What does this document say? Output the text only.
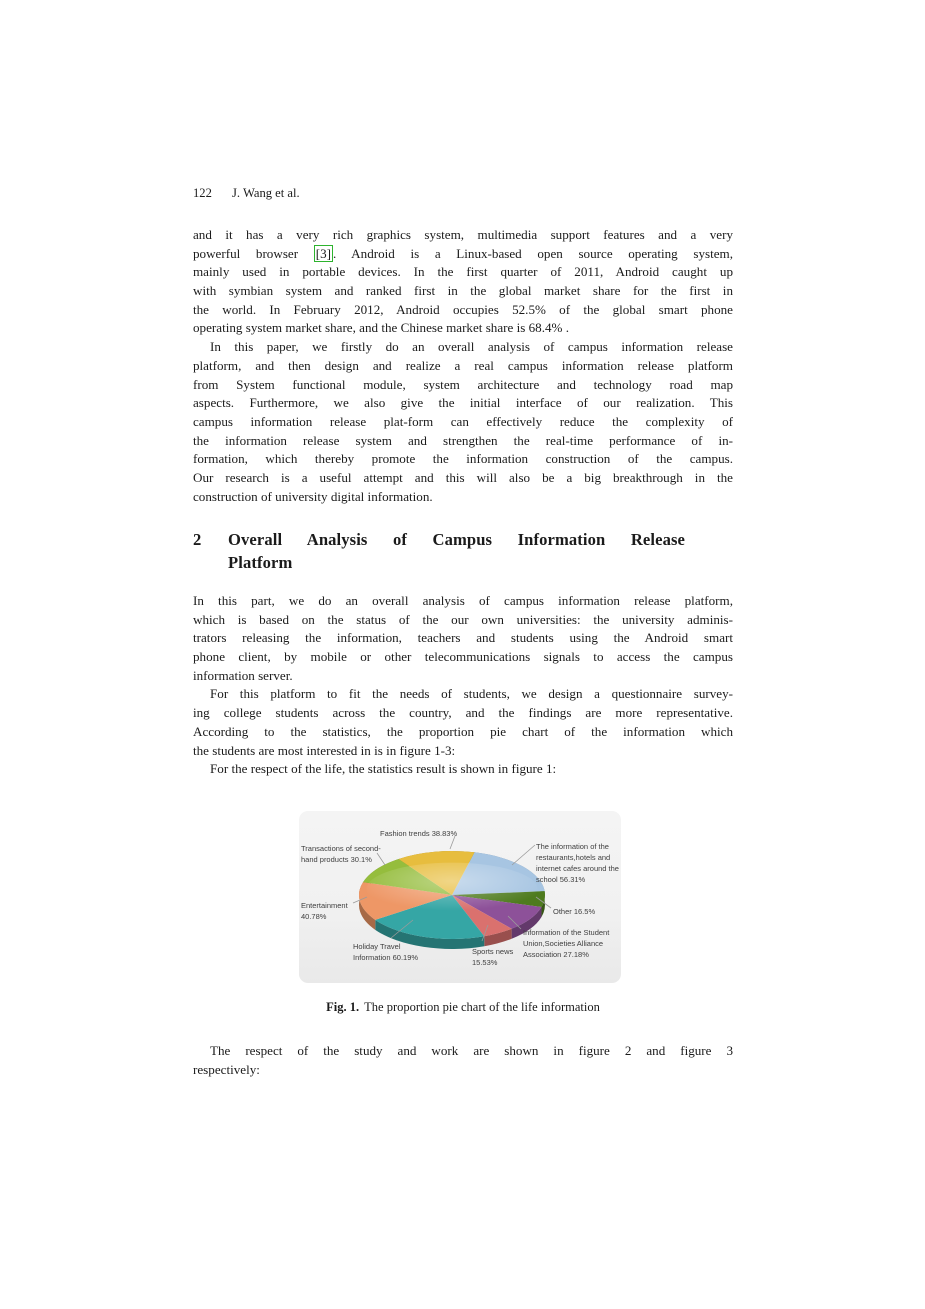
122 J. Wang et al.
and it has a very rich graphics system, multimedia support features and a very
powerful browser [3] . Android is a Linux-based open source operating system,
mainly used in portable devices. In the first quarter of 2011, Android caught up
with symbian system and ranked first in the global market share for the first in
the world. In February 2012, Android occupies 52.5% of the global smart phone
operating system market share, and the Chinese market share is 68.4% .
In this paper, we firstly do an overall analysis of campus information release
platform, and then design and realize a real campus information release platform
from System functional module, system architecture and technology road map
aspects. Furthermore, we also give the initial interface of our realization. This
campus information release plat-form can effectively reduce the complexity of
the information release system and strengthen the real-time performance of in-
formation, which thereby promote the information construction of the campus.
Our research is a useful attempt and this will also be a big breakthrough in the
construction of university digital information.
2 Overall Analysis of Campus Information Release
Platform
In this part, we do an overall analysis of campus information release platform,
which is based on the status of the our own universities: the university adminis-
trators releasing the information, teachers and students using the Android smart
phone client, by mobile or other telecommunications signals to access the campus
information server.
For this platform to fit the needs of students, we design a questionnaire survey-
ing college students across the country, and the findings are more representative.
According to the statistics, the proportion pie chart of the information which
the students are most interested in is in figure 1-3:
For the respect of the life, the statistics result is shown in figure 1:
The information of the restaurants,hotels and internet cafes around the school 56.31%
Other 16.5%
Information of the Student Union,Societies Alliance Association 27.18%
Sports news 15.53%
Holiday Travel Information 60.19%
Entertainment 40.78%
Transactions of second-hand products 30.1%
Fashion trends 38.83%
Fig. 1. The proportion pie chart of the life information
The respect of the study and work are shown in figure 2 and figure 3
respectively:
